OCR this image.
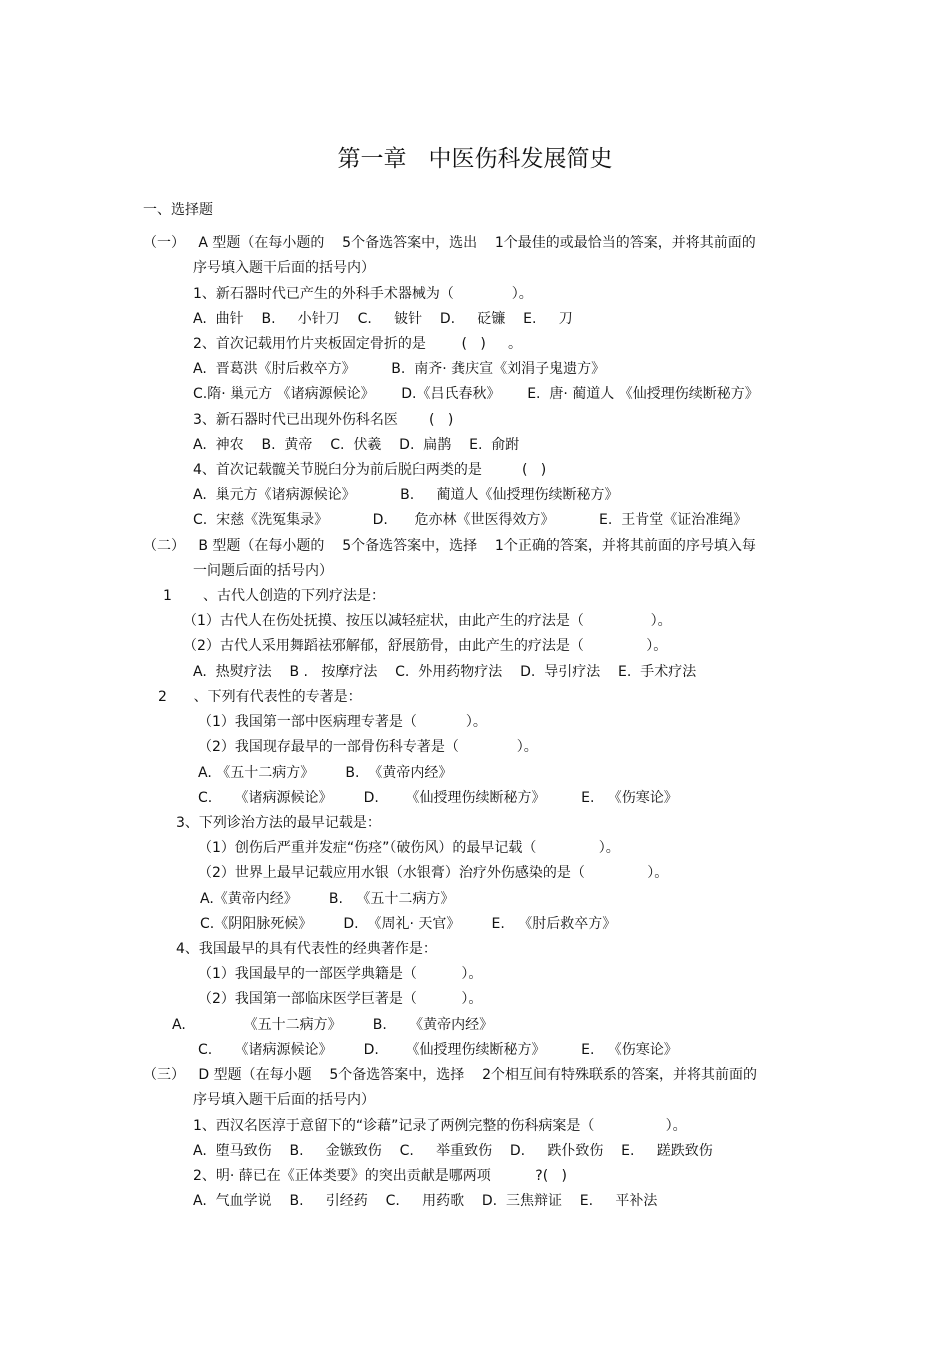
第一章   中医伤科发展简史
一、选择题
（一）   A 型题（在每小题的    5个备选答案中，选出    1个最佳的或最恰当的答案，并将其前面的
序号填入题干后面的括号内）
1、新石器时代已产生的外科手术器械为（             ）。
A.  曲针    B.     小针刀    C.     铍针    D.     砭镰    E.     刀
2、首次记载用竹片夹板固定骨折的是        (   )     。
A.  晋葛洪《肘后救卒方》        B.  南齐· 龚庆宣《刘涓子鬼遗方》
C.隋· 巢元方 《诸病源候论》      D.《吕氏春秋》      E.  唐· 蔺道人 《仙授理伤续断秘方》
3、新石器时代已出现外伤科名医       (   )
A.  神农    B.  黄帝    C.  伏羲    D.  扁鹊    E.  俞跗
4、首次记载髋关节脱臼分为前后脱臼两类的是         (   )
A.  巢元方《诸病源候论》          B.     蔺道人《仙授理伤续断秘方》
C.  宋慈《洗冤集录》          D.      危亦林《世医得效方》          E.  王肯堂《证治准绳》
（二）   B 型题（在每小题的    5个备选答案中，选择    1个正确的答案，并将其前面的序号填入每
一问题后面的括号内）
1       、古代人创造的下列疗法是：
（1）古代人在伤处抚摸、按压以减轻症状，由此产生的疗法是（               ）。
（2）古代人采用舞蹈祛邪解郁，舒展筋骨，由此产生的疗法是（              ）。
A.  热熨疗法    B .   按摩疗法    C.  外用药物疗法    D.  导引疗法    E.  手术疗法
2      、下列有代表性的专著是：
（1）我国第一部中医病理专著是（           ）。
（2）我国现存最早的一部骨伤科专著是（             ）。
A. 《五十二病方》       B.  《黄帝内经》
C.     《诸病源候论》       D.      《仙授理伤续断秘方》        E.   《伤寒论》
3、下列诊治方法的最早记载是：
（1）创伤后严重并发症“伤痉”（破伤风）的最早记载（              ）。
（2）世界上最早记载应用水银（水银膏）治疗外伤感染的是（              ）。
A.《黄帝内经》       B.   《五十二病方》
C.《阴阳脉死候》       D.  《周礼· 天官》       E.   《肘后救卒方》
4、我国最早的具有代表性的经典著作是：
（1）我国最早的一部医学典籍是（          ）。
（2）我国第一部临床医学巨著是（          ）。
A.             《五十二病方》       B.     《黄帝内经》
C.     《诸病源候论》       D.      《仙授理伤续断秘方》        E.   《伤寒论》
（三）   D 型题（在每小题    5个备选答案中，选择    2个相互间有特殊联系的答案，并将其前面的
序号填入题干后面的括号内）
1、西汉名医淳于意留下的“诊藉”记录了两例完整的伤科病案是（                ）。
A.  堕马致伤    B.     金镞致伤    C.     举重致伤    D.     跌仆致伤    E.     蹉跌致伤
2、明· 薛已在《正体类要》的突出贡献是哪两项          ?(   )
A.  气血学说    B.     引经药    C.     用药歌    D.  三焦辩证    E.     平补法
